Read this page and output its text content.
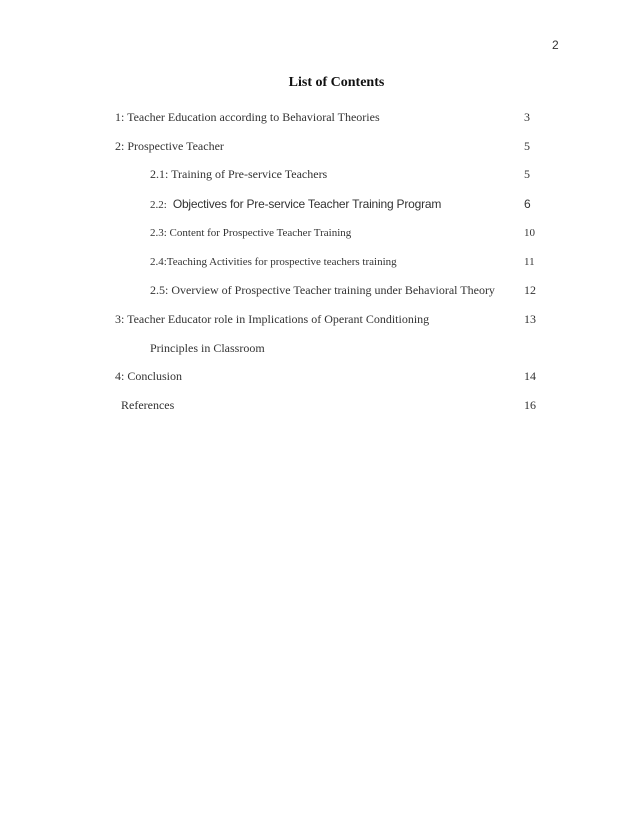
2
List of Contents
1: Teacher Education according to Behavioral Theories	3
2: Prospective Teacher	5
2.1: Training of Pre-service Teachers	5
2.2: Objectives for Pre-service Teacher Training Program	6
2.3: Content for Prospective Teacher Training	10
2.4:Teaching Activities for prospective teachers training	11
2.5: Overview of Prospective Teacher training under Behavioral Theory 12
3: Teacher Educator role in Implications of Operant Conditioning	13
Principles in Classroom
4: Conclusion	14
References	16
